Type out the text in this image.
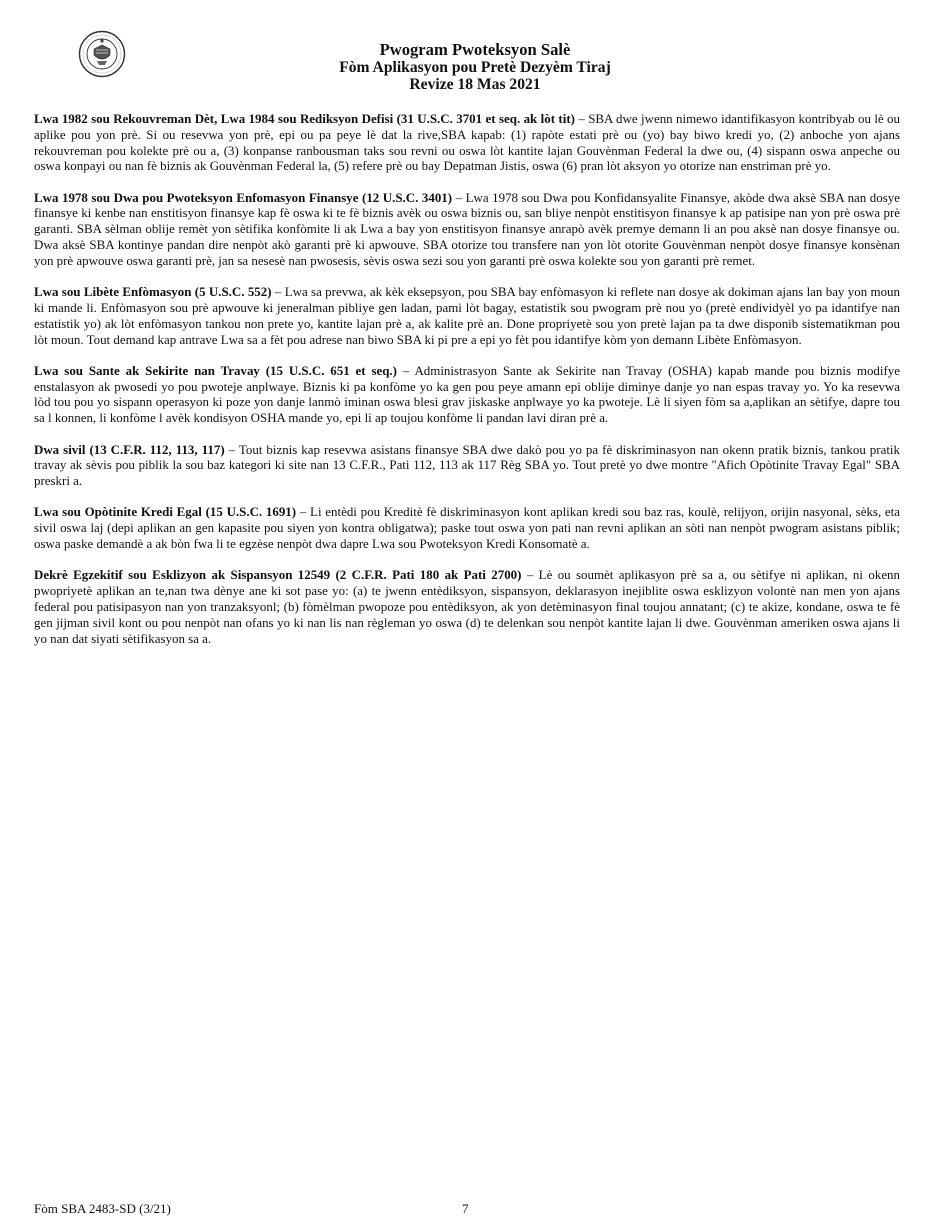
Pwogram Pwoteksyon Salè
Fòm Aplikasyon pou Pretè Dezyèm Tiraj
Revize 18 Mas 2021

Lwa 1982 sou Rekouvreman Dèt, Lwa 1984 sou Rediksyon Defisi (31 U.S.C. 3701 et seq. ak lòt tit) – SBA dwe jwenn nimewo idantifikasyon kontribyab ou lè ou aplike pou yon prè. Si ou resevwa yon prè, epi ou pa peye lè dat la rive,SBA kapab: (1) rapòte estati prè ou (yo) bay biwo kredi yo, (2) anboche yon ajans rekouvreman pou kolekte prè ou a, (3) konpanse ranbousman taks sou revni ou oswa lòt kantite lajan Gouvènman Federal la dwe ou, (4) sispann oswa anpeche ou oswa konpayi ou nan fè biznis ak Gouvènman Federal la, (5) refere prè ou bay Depatman Jistis, oswa (6) pran lòt aksyon yo otorize nan enstriman prè yo.

Lwa 1978 sou Dwa pou Pwoteksyon Enfomasyon Finansye (12 U.S.C. 3401) – Lwa 1978 sou Dwa pou Konfidansyalite Finansye, akòde dwa aksè SBA nan dosye finansye ki kenbe nan enstitisyon finansye kap fè oswa ki te fè biznis avèk ou oswa biznis ou, san bliye nenpòt enstitisyon finansye k ap patisipe nan yon prè oswa prè garanti. SBA sèlman oblije remèt yon sètifika konfòmite li ak Lwa a bay yon enstitisyon finansye anrapò avèk premye demann li an pou aksè nan dosye finansye ou. Dwa aksè SBA kontinye pandan dire nenpòt akò garanti prè ki apwouve. SBA otorize tou transfere nan yon lòt otorite Gouvènman nenpòt dosye finansye konsènan yon prè apwouve oswa garanti prè, jan sa nesesè nan pwosesis, sèvis oswa sezi sou yon garanti prè oswa kolekte sou yon garanti prè remet.

Lwa sou Libète Enfòmasyon (5 U.S.C. 552) – Lwa sa prevwa, ak kèk eksepsyon, pou SBA bay enfòmasyon ki reflete nan dosye ak dokiman ajans lan bay yon moun ki mande li. Enfòmasyon sou prè apwouve ki jeneralman pibliye gen ladan, pami lòt bagay, estatistik sou pwogram prè nou yo (pretè endividyèl yo pa idantifye nan estatistik yo) ak lòt enfòmasyon tankou non prete yo, kantite lajan prè a, ak kalite prè an. Done propriyetè sou yon pretè lajan pa ta dwe disponib sistematikman pou lòt moun. Tout demand kap antrave Lwa sa a fèt pou adrese nan biwo SBA ki pi pre a epi yo fèt pou idantifye kòm yon demann Libète Enfòmasyon.

Lwa sou Sante ak Sekirite nan Travay (15 U.S.C. 651 et seq.) – Administrasyon Sante ak Sekirite nan Travay (OSHA) kapab mande pou biznis modifye enstalasyon ak pwosedi yo pou pwoteje anplwaye. Biznis ki pa konfòme yo ka gen pou peye amann epi oblije diminye danje yo nan espas travay yo. Yo ka resevwa lòd tou pou yo sispann operasyon ki poze yon danje lanmò iminan oswa blesi grav jiskaske anplwaye yo ka pwoteje. Lè li siyen fòm sa a,aplikan an sètifye, dapre tou sa l konnen, li konfòme l avèk kondisyon OSHA mande yo, epi li ap toujou konfòme li pandan lavi diran prè a.

Dwa sivil (13 C.F.R. 112, 113, 117) – Tout biznis kap resevwa asistans finansye SBA dwe dakò pou yo pa fè diskriminasyon nan okenn pratik biznis, tankou pratik travay ak sèvis pou piblik la sou baz kategori ki site nan 13 C.F.R., Pati 112, 113 ak 117 Règ SBA yo. Tout pretè yo dwe montre "Afich Opòtinite Travay Egal" SBA preskri a.

Lwa sou Opòtinite Kredi Egal (15 U.S.C. 1691) – Li entèdi pou Kreditè fè diskriminasyon kont aplikan kredi sou baz ras, koulè, relijyon, orijin nasyonal, sèks, eta sivil oswa laj (depi aplikan an gen kapasite pou siyen yon kontra obligatwa); paske tout oswa yon pati nan revni aplikan an sòti nan nenpòt pwogram asistans piblik; oswa paske demandè a ak bòn fwa li te egzèse nenpòt dwa dapre Lwa sou Pwoteksyon Kredi Konsomatè a.

Dekrè Egzekitif sou Esklizyon ak Sispansyon 12549 (2 C.F.R. Pati 180 ak Pati 2700) – Lè ou soumèt aplikasyon prè sa a, ou sètifye ni aplikan, ni okenn pwopriyetè aplikan an te,nan twa dènye ane ki sot pase yo: (a) te jwenn entèdiksyon, sispansyon, deklarasyon inejiblite oswa esklizyon volontè nan men yon ajans federal pou patisipasyon nan yon tranzaksyonl; (b) fòmèlman pwopoze pou entèdiksyon, ak yon detèminasyon final toujou annatant; (c) te akize, kondane, oswa te fè gen jijman sivil kont ou pou nenpòt nan ofans yo ki nan lis nan règleman yo oswa (d) te delenkan sou nenpòt kantite lajan li dwe. Gouvènman ameriken oswa ajans li yo nan dat siyati sètifikasyon sa a.

Fòm SBA 2483-SD (3/21)	7
